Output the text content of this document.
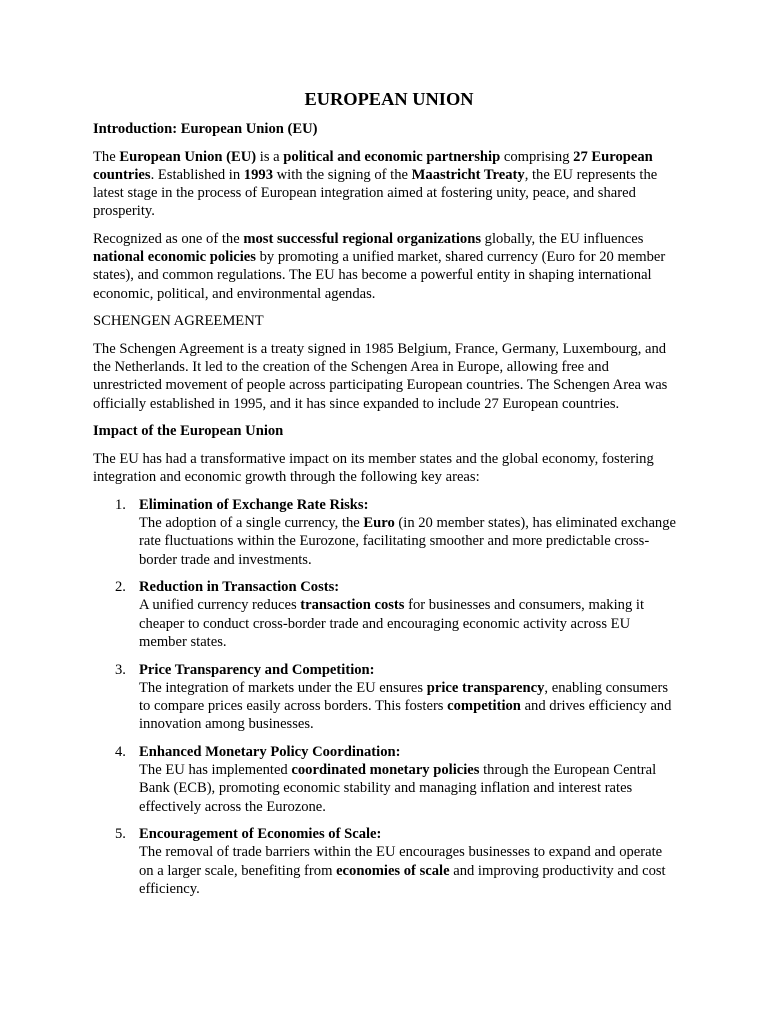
EUROPEAN UNION

Introduction: European Union (EU)

The European Union (EU) is a political and economic partnership comprising 27 European countries. Established in 1993 with the signing of the Maastricht Treaty, the EU represents the latest stage in the process of European integration aimed at fostering unity, peace, and shared prosperity.

Recognized as one of the most successful regional organizations globally, the EU influences national economic policies by promoting a unified market, shared currency (Euro for 20 member states), and common regulations. The EU has become a powerful entity in shaping international economic, political, and environmental agendas.

SCHENGEN AGREEMENT

The Schengen Agreement is a treaty signed in 1985 Belgium, France, Germany, Luxembourg, and the Netherlands. It led to the creation of the Schengen Area in Europe, allowing free and unrestricted movement of people across participating European countries. The Schengen Area was officially established in 1995, and it has since expanded to include 27 European countries.

Impact of the European Union

The EU has had a transformative impact on its member states and the global economy, fostering integration and economic growth through the following key areas:

1. Elimination of Exchange Rate Risks:
The adoption of a single currency, the Euro (in 20 member states), has eliminated exchange rate fluctuations within the Eurozone, facilitating smoother and more predictable cross-border trade and investments.
2. Reduction in Transaction Costs:
A unified currency reduces transaction costs for businesses and consumers, making it cheaper to conduct cross-border trade and encouraging economic activity across EU member states.
3. Price Transparency and Competition:
The integration of markets under the EU ensures price transparency, enabling consumers to compare prices easily across borders. This fosters competition and drives efficiency and innovation among businesses.
4. Enhanced Monetary Policy Coordination:
The EU has implemented coordinated monetary policies through the European Central Bank (ECB), promoting economic stability and managing inflation and interest rates effectively across the Eurozone.
5. Encouragement of Economies of Scale:
The removal of trade barriers within the EU encourages businesses to expand and operate on a larger scale, benefiting from economies of scale and improving productivity and cost efficiency.
